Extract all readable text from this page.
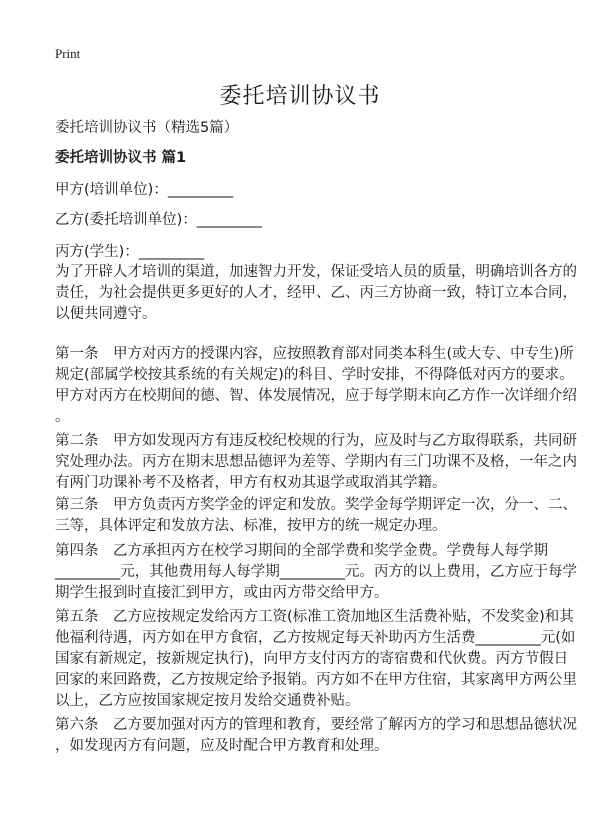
Print
委托培训协议书
委托培训协议书（精选5篇）
委托培训协议书 篇1
甲方(培训单位)：_________
乙方(委托培训单位)：_________
丙方(学生)：_________
为了开辟人才培训的渠道，加速智力开发，保证受培人员的质量，明确培训各方的
责任，为社会提供更多更好的人才，经甲、乙、丙三方协商一致，特订立本合同，
以便共同遵守。
第一条　甲方对丙方的授课内容，应按照教育部对同类本科生(或大专、中专生)所
规定(部属学校按其系统的有关规定)的科目、学时安排，不得降低对丙方的要求。
甲方对丙方在校期间的德、智、体发展情况，应于每学期末向乙方作一次详细介绍
。
第二条　甲方如发现丙方有违反校纪校规的行为，应及时与乙方取得联系，共同研
究处理办法。丙方在期末思想品德评为差等、学期内有三门功课不及格，一年之内
有两门功课补考不及格者，甲方有权劝其退学或取消其学籍。
第三条　甲方负责丙方奖学金的评定和发放。奖学金每学期评定一次，分一、二、
三等，具体评定和发放方法、标准，按甲方的统一规定办理。
第四条　乙方承担丙方在校学习期间的全部学费和奖学金费。学费每人每学期
_________元，其他费用每人每学期_________元。丙方的以上费用，乙方应于每学
期学生报到时直接汇到甲方，或由丙方带交给甲方。
第五条　乙方应按规定发给丙方工资(标准工资加地区生活费补贴，不发奖金)和其
他福利待遇，丙方如在甲方食宿，乙方按规定每天补助丙方生活费_________元(如
国家有新规定，按新规定执行)，向甲方支付丙方的寄宿费和代伙费。丙方节假日
回家的来回路费，乙方按规定给予报销。丙方如不在甲方住宿，其家离甲方两公里
以上，乙方应按国家规定按月发给交通费补贴。
第六条　乙方要加强对丙方的管理和教育，要经常了解丙方的学习和思想品德状况
，如发现丙方有问题，应及时配合甲方教育和处理。
